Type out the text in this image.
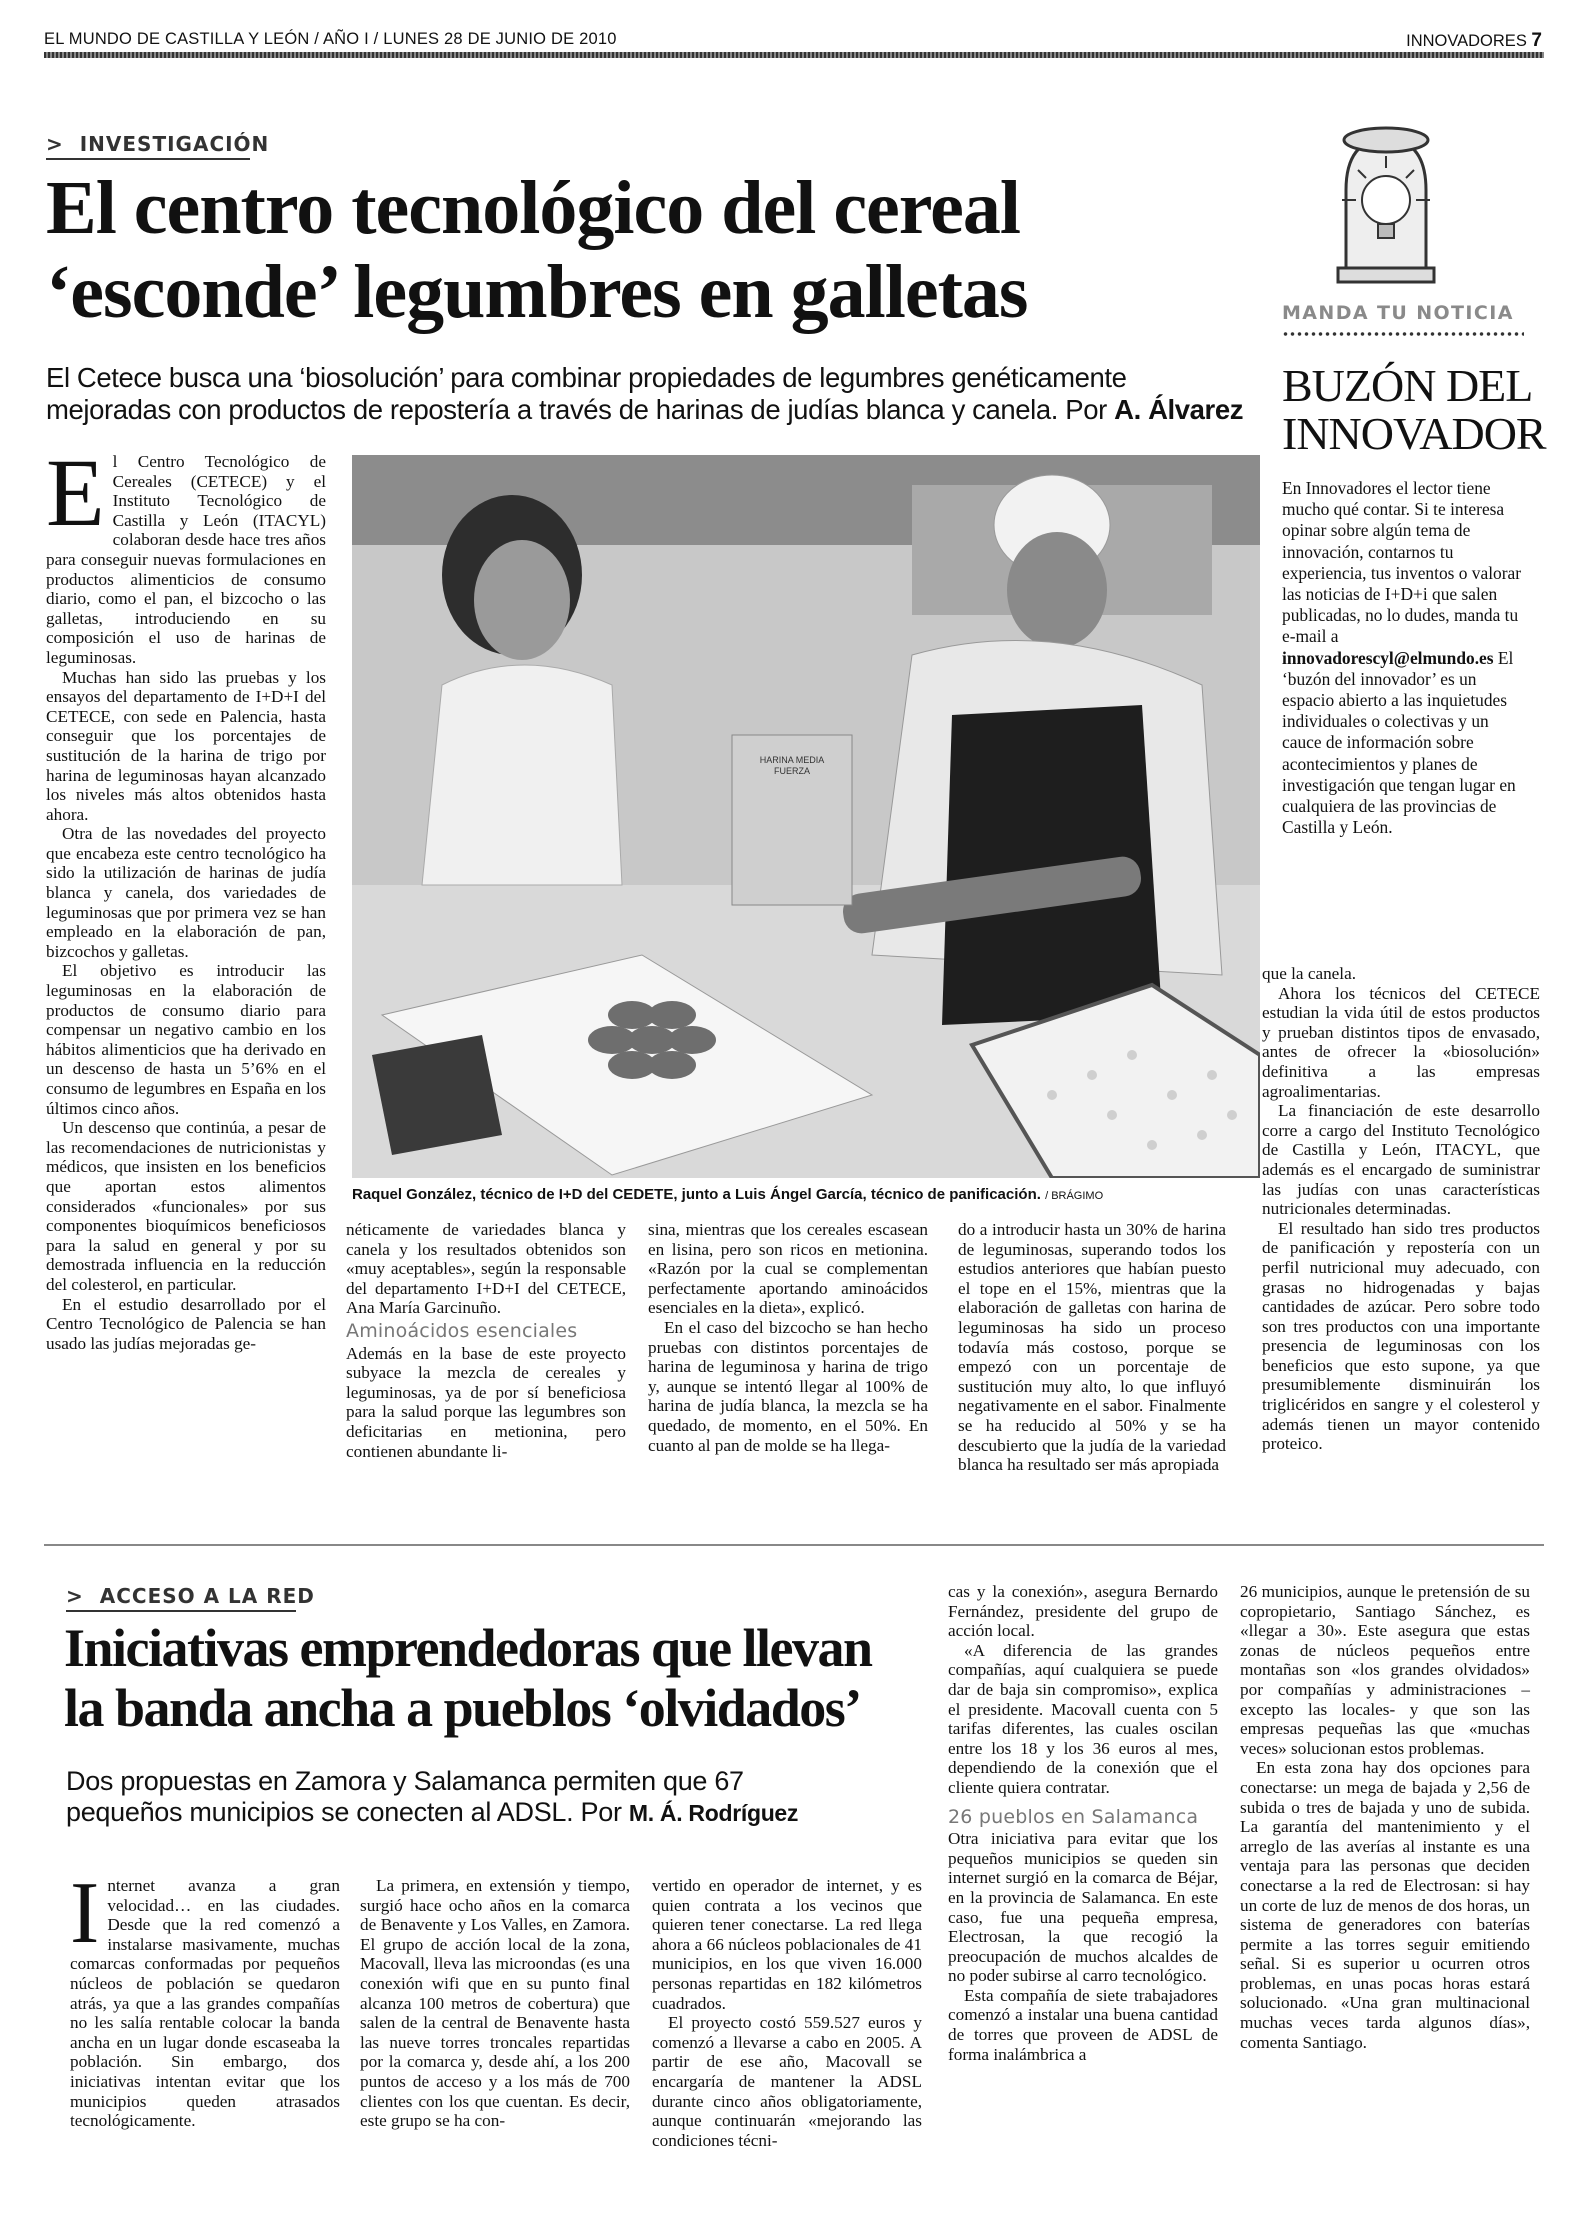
EL MUNDO DE CASTILLA Y LEÓN / AÑO I / LUNES 28 DE JUNIO DE 2010	INNOVADORES 7
> INVESTIGACIÓN
El centro tecnológico del cereal
‘esconde’ legumbres en galletas
El Cetece busca una ‘biosolución’ para combinar propiedades de legumbres genéticamente
mejoradas con productos de repostería a través de harinas de judías blanca y canela. Por A. Álvarez

El Centro Tecnológico de Cereales (CETECE) y el Instituto Tecnológico de Castilla y León (ITACYL) colaboran desde hace tres años para conseguir nuevas formulaciones en productos alimenticios de consumo diario, como el pan, el bizcocho o las galletas, introduciendo en su composición el uso de harinas de leguminosas.

Muchas han sido las pruebas y los ensayos del departamento de I+D+I del CETECE, con sede en Palencia, hasta conseguir que los porcentajes de sustitución de la harina de trigo por harina de leguminosas hayan alcanzado los niveles más altos obtenidos hasta ahora.

Otra de las novedades del proyecto que encabeza este centro tecnológico ha sido la utilización de harinas de judía blanca y canela, dos variedades de leguminosas que por primera vez se han empleado en la elaboración de pan, bizcochos y galletas.

El objetivo es introducir las leguminosas en la elaboración de productos de consumo diario para compensar un negativo cambio en los hábitos alimenticios que ha derivado en un descenso de hasta un 5’6% en el consumo de legumbres en España en los últimos cinco años.

Un descenso que continúa, a pesar de las recomendaciones de nutricionistas y médicos, que insisten en los beneficios que aportan estos alimentos considerados «funcionales» por sus componentes bioquímicos beneficiosos para la salud en general y por su demostrada influencia en la reducción del colesterol, en particular.

En el estudio desarrollado por el Centro Tecnológico de Palencia se han usado las judías mejoradas ge-

HARINA MEDIA FUERZA
Raquel González, técnico de I+D del CEDETE, junto a Luis Ángel García, técnico de panificación. / BRÁGIMO

néticamente de variedades blanca y canela y los resultados obtenidos son «muy aceptables», según la responsable del departamento I+D+I del CETECE, Ana María Garcinuño.

Aminoácidos esenciales

Además en la base de este proyecto subyace la mezcla de cereales y leguminosas, ya de por sí beneficiosa para la salud porque las legumbres son deficitarias en metionina, pero contienen abundante li-

sina, mientras que los cereales escasean en lisina, pero son ricos en metionina. «Razón por la cual se complementan perfectamente aportando aminoácidos esenciales en la dieta», explicó.

En el caso del bizcocho se han hecho pruebas con distintos porcentajes de harina de leguminosa y harina de trigo y, aunque se intentó llegar al 100% de harina de judía blanca, la mezcla se ha quedado, de momento, en el 50%. En cuanto al pan de molde se ha llega-

do a introducir hasta un 30% de harina de leguminosas, superando todos los estudios anteriores que habían puesto el tope en el 15%, mientras que la elaboración de galletas con harina de leguminosas ha sido un proceso todavía más costoso, porque se empezó con un porcentaje de sustitución muy alto, lo que influyó negativamente en el sabor. Finalmente se ha reducido al 50% y se ha descubierto que la judía de la variedad blanca ha resultado ser más apropiada

MANDA TU NOTICIA
BUZÓN DEL
INNOVADOR
En Innovadores el lector tiene mucho qué contar. Si te interesa opinar sobre algún tema de innovación, contarnos tu experiencia, tus inventos o valorar las noticias de I+D+i que salen publicadas, no lo dudes, manda tu e-mail a innovadorescyl@elmundo.es El ‘buzón del innovador’ es un espacio abierto a las inquietudes individuales o colectivas y un cauce de información sobre acontecimientos y planes de investigación que tengan lugar en cualquiera de las provincias de Castilla y León.

que la canela.

Ahora los técnicos del CETECE estudian la vida útil de estos productos y prueban distintos tipos de envasado, antes de ofrecer la «biosolución» definitiva a las empresas agroalimentarias.

La financiación de este desarrollo corre a cargo del Instituto Tecnológico de Castilla y León, ITACYL, que además es el encargado de suministrar las judías con unas características nutricionales determinadas.

El resultado han sido tres productos de panificación y repostería con un perfil nutricional muy adecuado, con grasas no hidrogenadas y bajas cantidades de azúcar. Pero sobre todo son tres productos con una importante presencia de leguminosas con los beneficios que esto supone, ya que presumiblemente disminuirán los triglicéridos en sangre y el colesterol y además tienen un mayor contenido proteico.

> ACCESO A LA RED
Iniciativas emprendedoras que llevan
la banda ancha a pueblos ‘olvidados’
Dos propuestas en Zamora y Salamanca permiten que 67
pequeños municipios se conecten al ADSL. Por M. Á. Rodríguez

Internet avanza a gran velocidad… en las ciudades. Desde que la red comenzó a instalarse masivamente, muchas comarcas conformadas por pequeños núcleos de población se quedaron atrás, ya que a las grandes compañías no les salía rentable colocar la banda ancha en un lugar donde escaseaba la población. Sin embargo, dos iniciativas intentan evitar que los municipios queden atrasados tecnológicamente.

La primera, en extensión y tiempo, surgió hace ocho años en la comarca de Benavente y Los Valles, en Zamora. El grupo de acción local de la zona, Macovall, lleva las microondas (es una conexión wifi que en su punto final alcanza 100 metros de cobertura) que salen de la central de Benavente hasta las nueve torres troncales repartidas por la comarca y, desde ahí, a los 200 puntos de acceso y a los más de 700 clientes con los que cuentan. Es decir, este grupo se ha con-

vertido en operador de internet, y es quien contrata a los vecinos que quieren tener conectarse. La red llega ahora a 66 núcleos poblacionales de 41 municipios, en los que viven 16.000 personas repartidas en 182 kilómetros cuadrados.

El proyecto costó 559.527 euros y comenzó a llevarse a cabo en 2005. A partir de ese año, Macovall se encargaría de mantener la ADSL durante cinco años obligatoriamente, aunque continuarán «mejorando las condiciones técni-

cas y la conexión», asegura Bernardo Fernández, presidente del grupo de acción local.

«A diferencia de las grandes compañías, aquí cualquiera se puede dar de baja sin compromiso», explica el presidente. Macovall cuenta con 5 tarifas diferentes, las cuales oscilan entre los 18 y los 36 euros al mes, dependiendo de la conexión que el cliente quiera contratar.

26 pueblos en Salamanca

Otra iniciativa para evitar que los pequeños municipios se queden sin internet surgió en la comarca de Béjar, en la provincia de Salamanca. En este caso, fue una pequeña empresa, Electrosan, la que recogió la preocupación de muchos alcaldes de no poder subirse al carro tecnológico.

Esta compañía de siete trabajadores comenzó a instalar una buena cantidad de torres que proveen de ADSL de forma inalámbrica a

26 municipios, aunque le pretensión de su copropietario, Santiago Sánchez, es «llegar a 30». Este asegura que estas zonas de núcleos pequeños entre montañas son «los grandes olvidados» por compañías y administraciones –excepto las locales- y que son las empresas pequeñas las que «muchas veces» solucionan estos problemas.

En esta zona hay dos opciones para conectarse: un mega de bajada y 2,56 de subida o tres de bajada y uno de subida. La garantía del mantenimiento y el arreglo de las averías al instante es una ventaja para las personas que deciden conectarse a la red de Electrosan: si hay un corte de luz de menos de dos horas, un sistema de generadores con baterías permite a las torres seguir emitiendo señal. Si es superior u ocurren otros problemas, en unas pocas horas estará solucionado. «Una gran multinacional muchas veces tarda algunos días», comenta Santiago.
